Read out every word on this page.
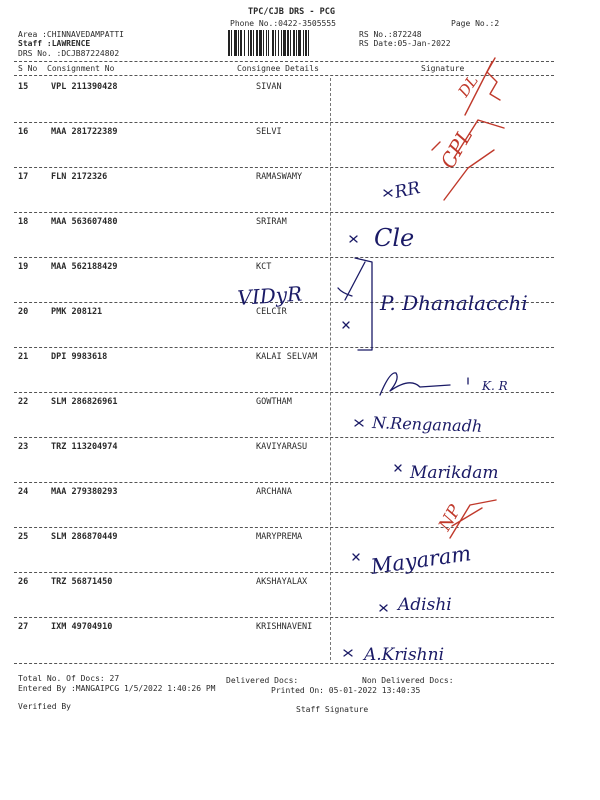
TPC/CJB DRS - PCG
Phone No.:0422-3505555	Page No.:2
Area :CHINNAVEDAMPATTI
Staff :LAWRENCE
DRS No. :DCJB87224802
RS No.:872248
RS Date:05-Jan-2022
S No Consignment No	Consignee Details	Signature
15	VPL 211390428	SIVAN
16	MAA 281722389	SELVI
17	FLN 2172326	RAMASWAMY
18	MAA 563607480	SRIRAM
19	MAA 562188429	KCT
20	PMK 208121	CELCIR
21	DPI 9983618	KALAI SELVAM
22	SLM 286826961	GOWTHAM
23	TRZ 113204974	KAVIYARASU
24	MAA 279380293	ARCHANA
25	SLM 286870449	MARYPREMA
26	TRZ 56871450	AKSHAYALAX
27	IXM 49704910	KRISHNAVENI
Total No. Of Docs: 27	Delivered Docs:	Non Delivered Docs:
Entered By :MANGAIPCG 1/5/2022 1:40:26 PM	Printed On: 05-01-2022 13:40:35
Verified By	Staff Signature
DL
CPL
NP
RR
Cle
VIDyR	P. Dhanalacchi
K. R
N.Renganadh
Marikdam
Mayaram
Adishi
A.Krishni
